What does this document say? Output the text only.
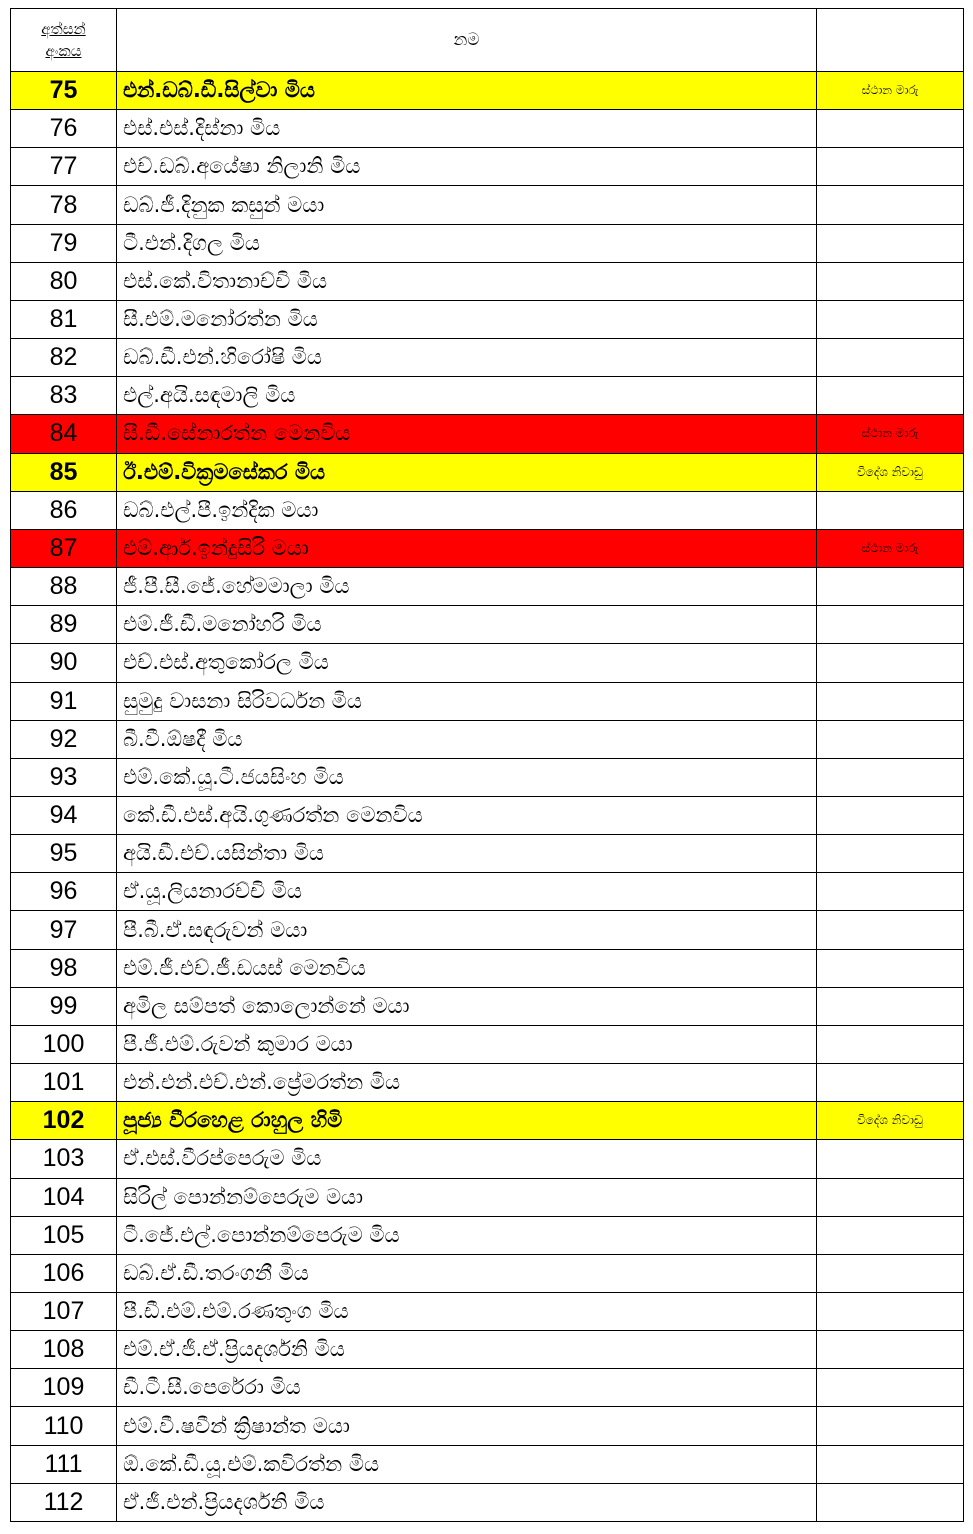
අත්සන්
අංකය	නම	
75	එන්.ඩබ්.ඩී.සිල්වා මිය	ස්ථාන මාරු
76	එස්.එස්.දිස්නා මිය	
77	එච්.ඩබ්.අයේෂා නිලානි මිය	
78	ඩබ්.ජී.දිනුක කසුන් මයා	
79	ටී.එන්.දිගල මිය	
80	එස්.කේ.විතානාච්චි මිය	
81	සී.එම්.මනෝරත්න මිය	
82	ඩබ්.ඩී.එන්.හිරෝෂි මිය	
83	එල්.අයි.සඳමාලි මිය	
84	සී.ඩී.සේනාරත්න මෙනවිය	ස්ථාන මාරු
85	ඊ.එම්.වික්‍රමසේකර මිය	විදේශ නිවාඩු
86	ඩබ්.එල්.පී.ඉන්දික මයා	
87	එම්.ආර්.ඉන්දුසිරි මයා	ස්ථාන මාරු
88	ජී.පී.සී.ජේ.හේමමාලා මිය	
89	එම්.ජී.ඩී.මනෝහරි මිය	
90	එච්.එස්.අතුකෝරල මිය	
91	සුමුදු වාසනා සිරිවර්ධන මිය	
92	බී.වී.ඕෂදී මිය	
93	එම්.කේ.යූ.ටී.ජයසිංහ මිය	
94	කේ.ඩී.එස්.අයි.ගුණරත්න මෙනවිය	
95	අයි.ඩී.එච්.යසින්තා මිය	
96	ඒ.යූ.ලියනාරච්චි මිය	
97	පී.බී.ඒ.සඳරුවන් මයා	
98	එම්.ජී.එච්.ජී.ඩයස් මෙනවිය	
99	අමිල සම්පත් කොලොන්නේ මයා	
100	පී.ජී.එම්.රුවන් කුමාර මයා	
101	එන්.එන්.එච්.එන්.ප්‍රේමරත්න මිය	
102	පූජ්‍ය වීරහෙළ රාහුල හිමි	විදේශ නිවාඩු
103	ඒ.එස්.වීරප්පෙරුම මිය	
104	සිරිල් පොන්නම්පෙරුම මයා	
105	ටී.ජේ.එල්.පොන්නම්පෙරුම මිය	
106	ඩබ්.ඒ.ඩී.තරංගනී මිය	
107	පී.ඩී.එම්.එම්.රණතුංග මිය	
108	එම්.ඒ.ජී.ඒ.ප්‍රියදර්ශනි මිය	
109	ඩී.ටී.සී.පෙරේරා මිය	
110	එම්.වී.ෂවීන් ක්‍රිෂාන්ත මයා	
111	ඕ.කේ.ඩී.යූ.එම්.කවිරත්න මිය	
112	ඒ.ජී.එන්.ප්‍රියදර්ශනි මිය	
